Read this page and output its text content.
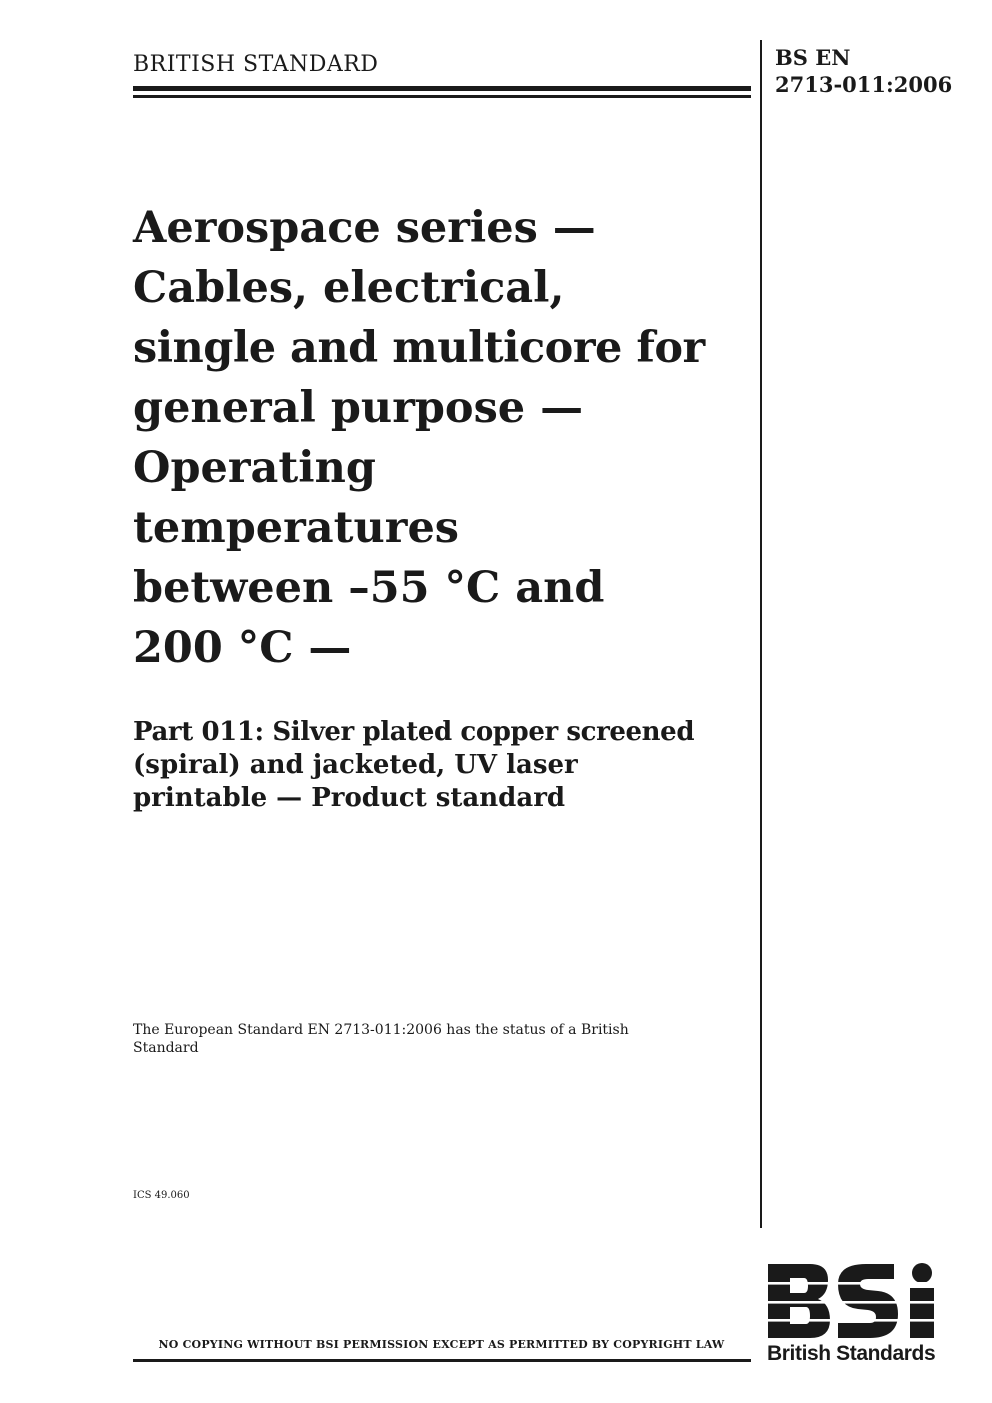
BRITISH STANDARD	BS EN
2713-011:2006
Aerospace series —
Cables, electrical,
single and multicore for
general purpose —
Operating
temperatures
between –55 °C and
200 °C —
Part 011: Silver plated copper screened
(spiral) and jacketed, UV laser
printable — Product standard
The European Standard EN 2713-011:2006 has the status of a British
Standard
ICS 49.060
NO COPYING WITHOUT BSI PERMISSION EXCEPT AS PERMITTED BY COPYRIGHT LAW	British Standards
